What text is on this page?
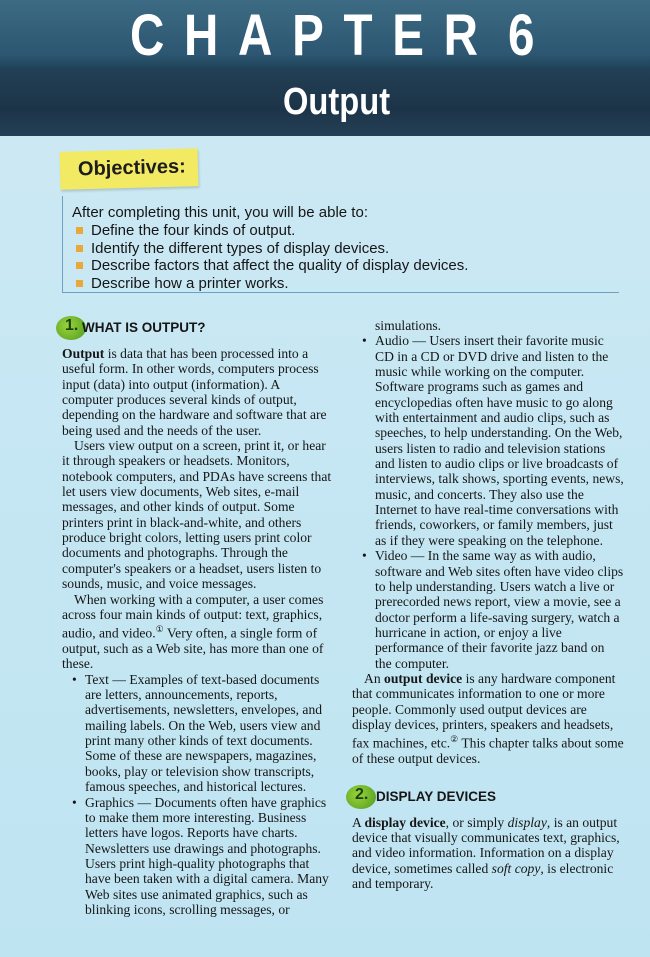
CHAPTER 6
Output
Objectives:
After completing this unit, you will be able to:
Define the four kinds of output.
Identify the different types of display devices.
Describe factors that affect the quality of display devices.
Describe how a printer works.
1. WHAT IS OUTPUT?

Output is data that has been processed into a useful form. In other words, computers process input (data) into output (information). A computer produces several kinds of output, depending on the hardware and software that are being used and the needs of the user.

Users view output on a screen, print it, or hear it through speakers or headsets. Monitors, notebook computers, and PDAs have screens that let users view documents, Web sites, e-mail messages, and other kinds of output. Some printers print in black-and-white, and others produce bright colors, letting users print color documents and photographs. Through the computer's speakers or a headset, users listen to sounds, music, and voice messages.

When working with a computer, a user comes across four main kinds of output: text, graphics, audio, and video.① Very often, a single form of output, such as a Web site, has more than one of these.

• Text — Examples of text-based documents are letters, announcements, reports, advertisements, newsletters, envelopes, and mailing labels. On the Web, users view and print many other kinds of text documents. Some of these are newspapers, magazines, books, play or television show transcripts, famous speeches, and historical lectures.
• Graphics — Documents often have graphics to make them more interesting. Business letters have logos. Reports have charts. Newsletters use drawings and photographs. Users print high-quality photographs that have been taken with a digital camera. Many Web sites use animated graphics, such as blinking icons, scrolling messages, or

simulations.

• Audio — Users insert their favorite music CD in a CD or DVD drive and listen to the music while working on the computer. Software programs such as games and encyclopedias often have music to go along with entertainment and audio clips, such as speeches, to help understanding. On the Web, users listen to radio and television stations and listen to audio clips or live broadcasts of interviews, talk shows, sporting events, news, music, and concerts. They also use the Internet to have real-time conversations with friends, coworkers, or family members, just as if they were speaking on the telephone.
• Video — In the same way as with audio, software and Web sites often have video clips to help understanding. Users watch a live or prerecorded news report, view a movie, see a doctor perform a life-saving surgery, watch a hurricane in action, or enjoy a live performance of their favorite jazz band on the computer.

An output device is any hardware component that communicates information to one or more people. Commonly used output devices are display devices, printers, speakers and headsets, fax machines, etc.② This chapter talks about some of these output devices.

2. DISPLAY DEVICES

A display device, or simply display, is an output device that visually communicates text, graphics, and video information. Information on a display device, sometimes called soft copy, is electronic and temporary.
